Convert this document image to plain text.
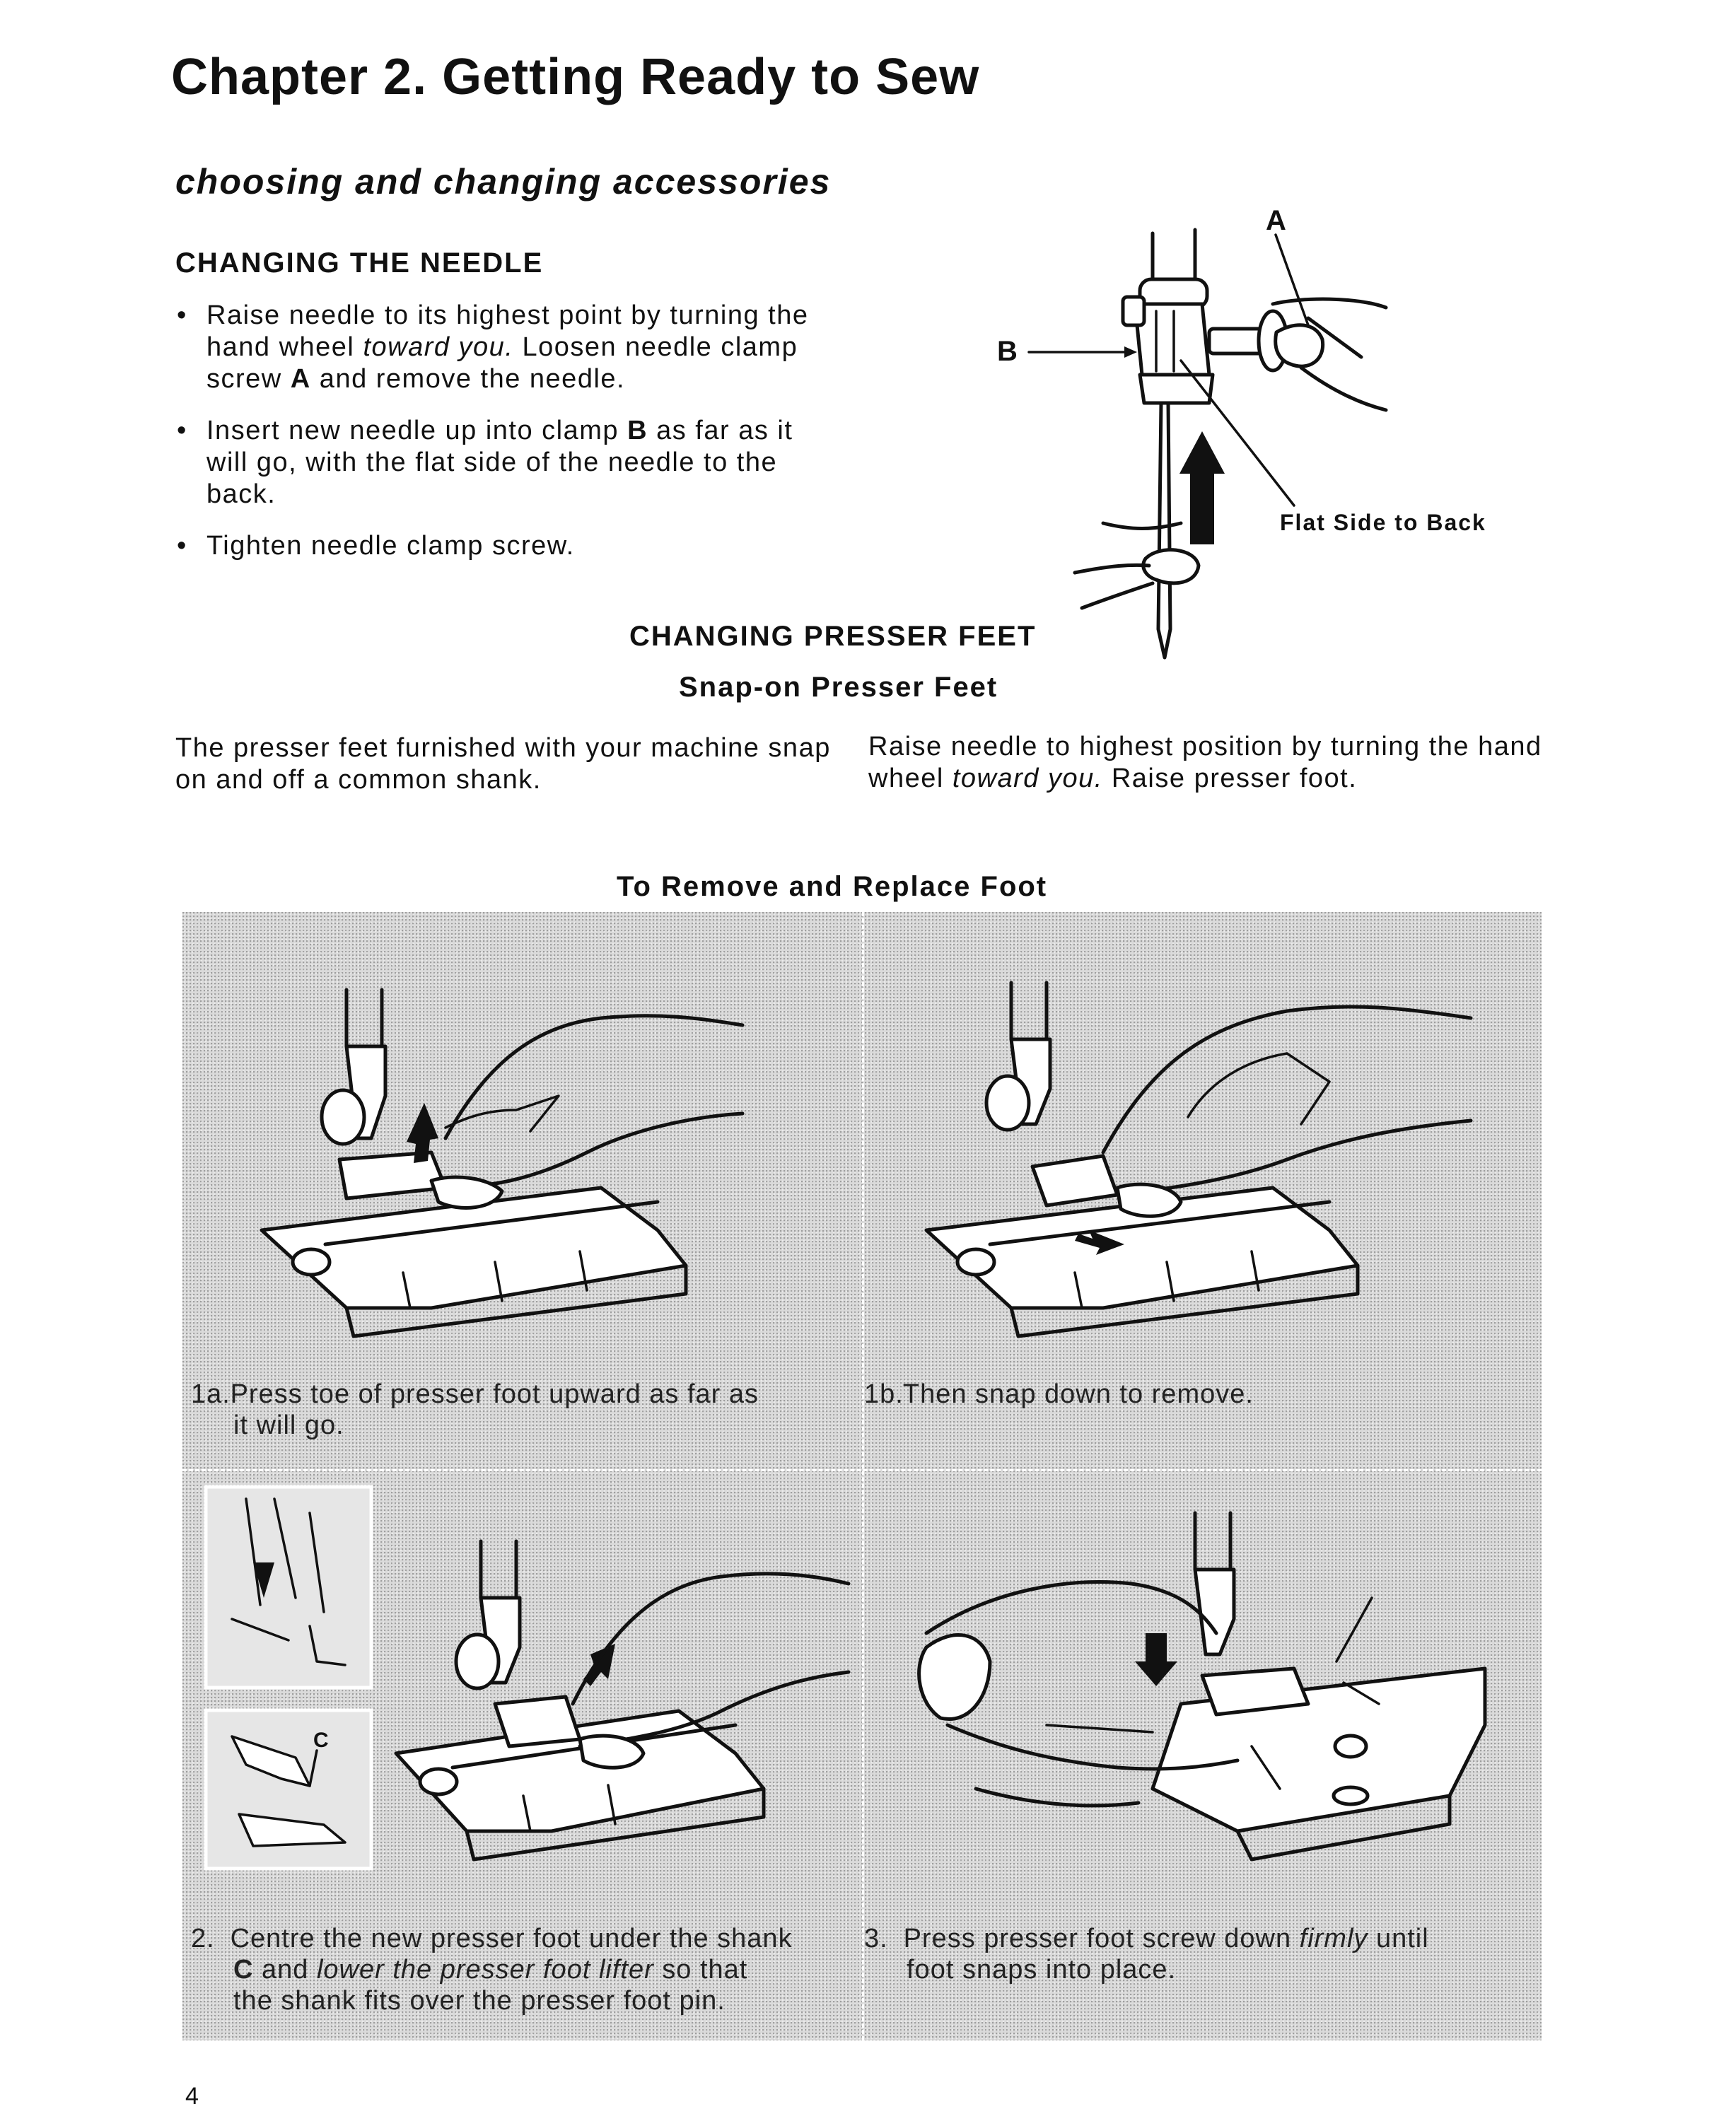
Chapter 2. Getting Ready to Sew
choosing and changing accessories
CHANGING THE NEEDLE
• Raise needle to its highest point by turning the hand wheel toward you. Loosen needle clamp screw A and remove the needle.
• Insert new needle up into clamp B as far as it will go, with the flat side of the needle to the back.
• Tighten needle clamp screw.
A
B
Flat Side to Back
CHANGING PRESSER FEET
Snap-on Presser Feet
The presser feet furnished with your machine snap on and off a common shank.
Raise needle to highest position by turning the hand wheel toward you. Raise presser foot.
To Remove and Replace Foot
C
1a. Press toe of presser foot upward as far as
it will go.
1b. Then snap down to remove.
2. Centre the new presser foot under the shank
C and lower the presser foot lifter so that
the shank fits over the presser foot pin.
3. Press presser foot screw down firmly until
foot snaps into place.
4
